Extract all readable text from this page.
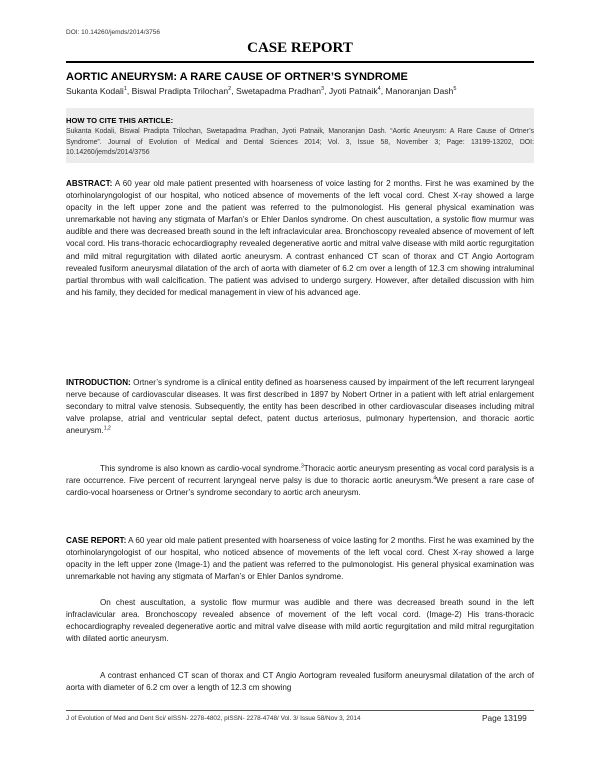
DOI: 10.14260/jemds/2014/3756
CASE REPORT
AORTIC ANEURYSM: A RARE CAUSE OF ORTNER’S SYNDROME
Sukanta Kodali$^1$, Biswal Pradipta Trilochan$^2$, Swetapadma Pradhan$^3$, Jyoti Patnaik$^4$, Manoranjan Dash$^5$
HOW TO CITE THIS ARTICLE:
Sukanta Kodali, Biswal Pradipta Trilochan, Swetapadma Pradhan, Jyoti Patnaik, Manoranjan Dash. “Aortic Aneurysm: A Rare Cause of Ortner’s Syndrome”. Journal of Evolution of Medical and Dental Sciences 2014; Vol. 3, Issue 58, November 3; Page: 13199-13202, DOI: 10.14260/jemds/2014/3756

ABSTRACT: A 60 year old male patient presented with hoarseness of voice lasting for 2 months. First he was examined by the otorhinolaryngologist of our hospital, who noticed absence of movements of the left vocal cord. Chest X-ray showed a large opacity in the left upper zone and the patient was referred to the pulmonologist. His general physical examination was unremarkable not having any stigmata of Marfan’s or Ehler Danlos syndrome. On chest auscultation, a systolic flow murmur was audible and there was decreased breath sound in the left infraclavicular area. Bronchoscopy revealed absence of movement of left vocal cord. His trans-thoracic echocardiography revealed degenerative aortic and mitral valve disease with mild aortic regurgitation and mild mitral regurgitation with dilated aortic aneurysm. A contrast enhanced CT scan of thorax and CT Angio Aortogram revealed fusiform aneurysmal dilatation of the arch of aorta with diameter of 6.2 cm over a length of 12.3 cm showing intraluminal partial thrombus with wall calcification. The patient was advised to undergo surgery. However, after detailed discussion with him and his family, they decided for medical management in view of his advanced age.

INTRODUCTION: Ortner’s syndrome is a clinical entity defined as hoarseness caused by impairment of the left recurrent laryngeal nerve because of cardiovascular diseases. It was first described in 1897 by Nobert Ortner in a patient with left atrial enlargement secondary to mitral valve stenosis. Subsequently, the entity has been described in other cardiovascular diseases including mitral valve prolapse, atrial and ventricular septal defect, patent ductus arteriosus, pulmonary hypertension, and thoracic aortic aneurysm.$^{1,2}$

This syndrome is also known as cardio-vocal syndrome.$^3$Thoracic aortic aneurysm presenting as vocal cord paralysis is a rare occurrence. Five percent of recurrent laryngeal nerve palsy is due to thoracic aortic aneurysm.$^4$We present a rare case of cardio-vocal hoarseness or Ortner’s syndrome secondary to aortic arch aneurysm.

CASE REPORT: A 60 year old male patient presented with hoarseness of voice lasting for 2 months. First he was examined by the otorhinolaryngologist of our hospital, who noticed absence of movements of the left vocal cord. Chest X-ray showed a large opacity in the left upper zone (Image-1) and the patient was referred to the pulmonologist. His general physical examination was unremarkable not having any stigmata of Marfan’s or Ehler Danlos syndrome.

On chest auscultation, a systolic flow murmur was audible and there was decreased breath sound in the left infraclavicular area. Bronchoscopy revealed absence of movement of the left vocal cord. (Image-2) His trans-thoracic echocardiography revealed degenerative aortic and mitral valve disease with mild aortic regurgitation and mild mitral regurgitation with dilated aortic aneurysm.

A contrast enhanced CT scan of thorax and CT Angio Aortogram revealed fusiform aneurysmal dilatation of the arch of aorta with diameter of 6.2 cm over a length of 12.3 cm showing

J of Evolution of Med and Dent Sci/ eISSN- 2278-4802, pISSN- 2278-4748/ Vol. 3/ Issue 58/Nov 3, 2014	Page 13199
